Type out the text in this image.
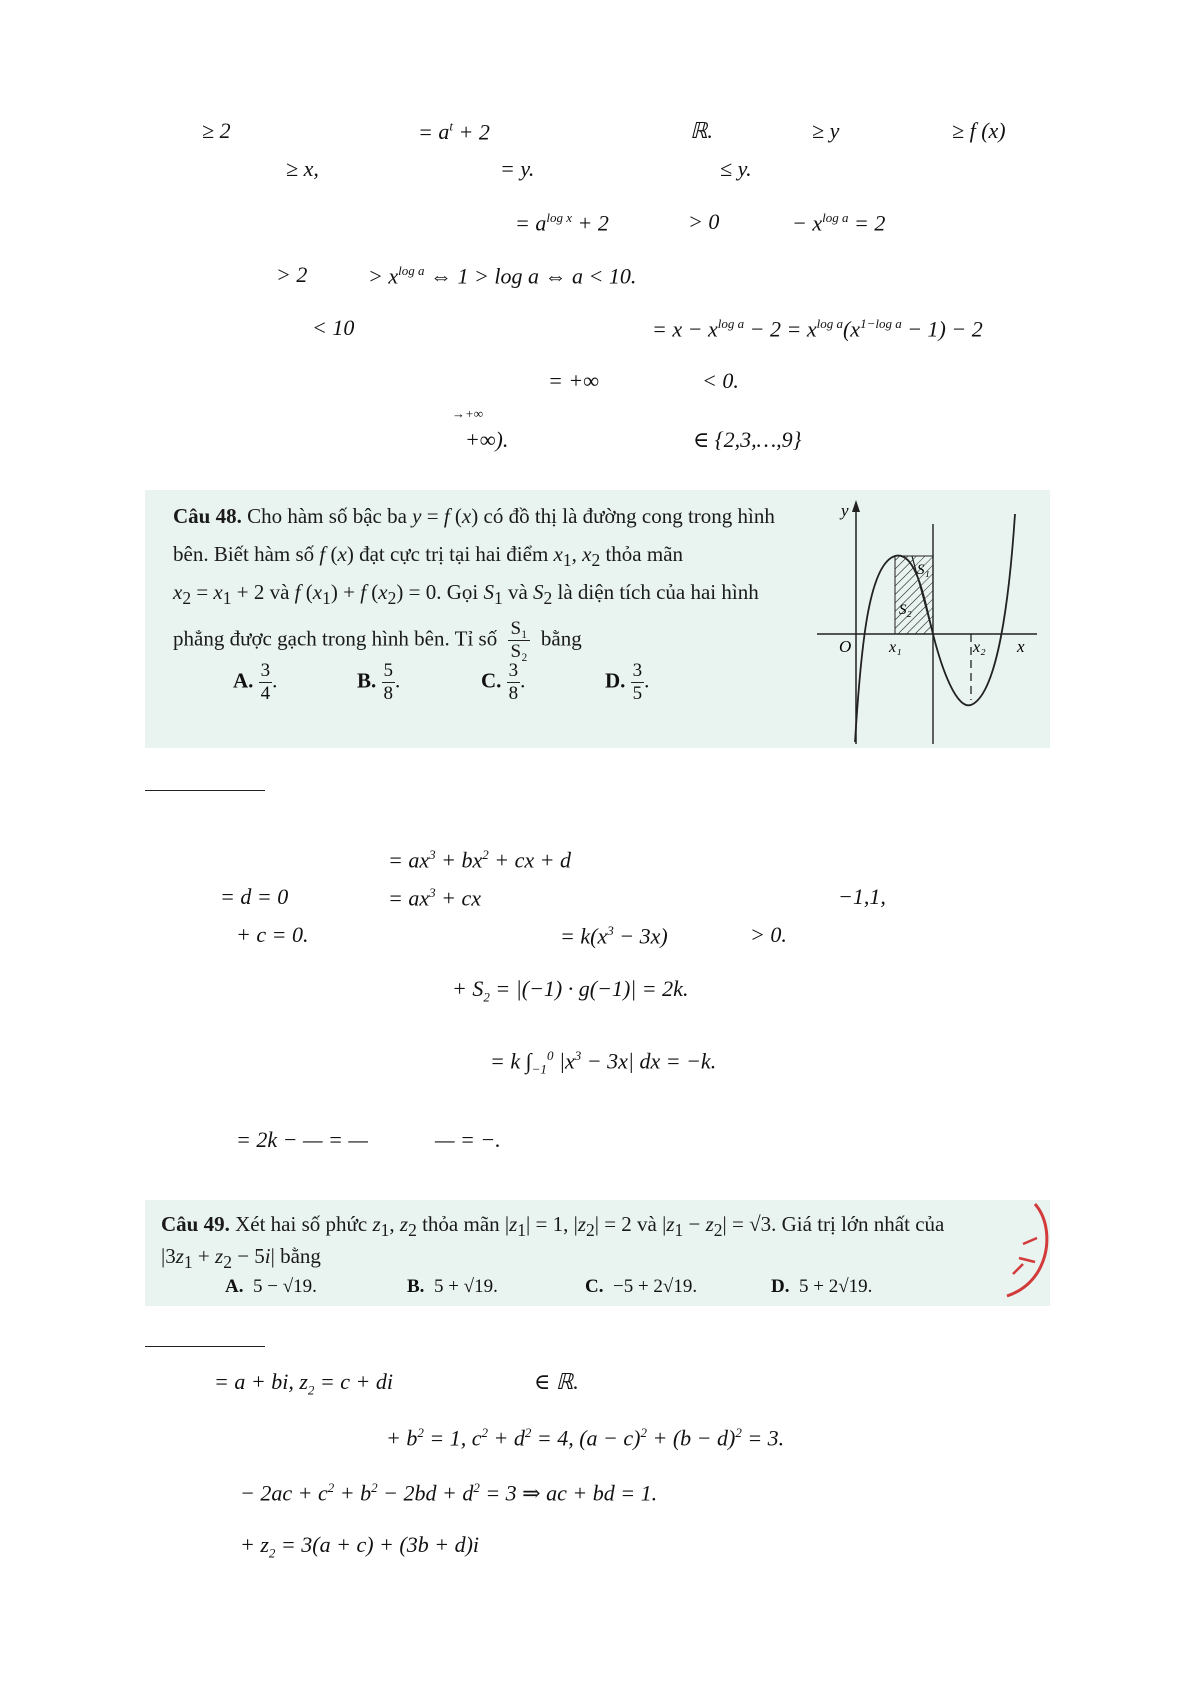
≥ 2	= $a^t + 2$	ℝ.	≥ y	≥ f (x)
≥ x,	= y.	≤ y.
= $a^{log x} + 2$	> 0	− $x^{log a} = 2$
> 2	> $x^{log a}$ ⇔ 1 > log a ⇔ a < 10.
< 10	= $x - x^{log a} - 2 = x^{log a}(x^{1-log a} - 1) - 2$
= +∞	< 0.
+∞).	∈ {2,3,…,9}
→+∞
Câu 48. Cho hàm số bậc ba y = f (x) có đồ thị là đường cong trong hình
bên. Biết hàm số f (x) đạt cực trị tại hai điểm $x_1$, $x_2$ thỏa mãn
$x_2 = x_1 + 2$ và f $(x_1) + f$ $(x_2) = 0$. Gọi $S_1$ và $S_2$ là diện tích của hai hình
phẳng được gạch trong hình bên. Tỉ số $\frac{\text{S₁}}{\text{S₂}}$ bằng
A. $\frac{3}{4}$ .	B. $\frac{5}{8}$ .	C. $\frac{3}{8}$ .	D. $\frac{3}{5}$ .
y
O	x
x₁	x₂
S₁
S₂
= $ax^3 + bx^2$ + cx + d
= d = 0	= $ax^3$ + cx	−1,1,
+ c = 0.	= $k(x^3 - 3x)$	> 0.
+ $S_2 = |(-1) \cdot g(-1)| = 2k$.
= k $\int_{-1}^0$ $|x^3 - 3x|$ dx = −k.
= 2k − — = —	— = −.
Câu 49. Xét hai số phức $z_1$, $z_2$ thỏa mãn $|z_1| = 1$, $|z_2| = 2$ và $|z_1 - z_2| = √3$. Giá trị lớn nhất của
$|3z_1 + z_2 - 5i|$ bằng
A.  5 − √19.	B.  5 + √19.	C.  −5 + 2√19.	D.  5 + 2√19.
= a + bi, $z_2 = c$ + di	∈ ℝ.
+ $b^2 = 1$, $c^2 + d^2 = 4$, $(a - c)^2 + (b - d)^2 = 3$.
− $2ac + c^2 + b^2 - 2bd + d^2 = 3$ ⇒ ac + bd = 1.
+ $z_2 = 3(a + c) + (3b + d)i$
